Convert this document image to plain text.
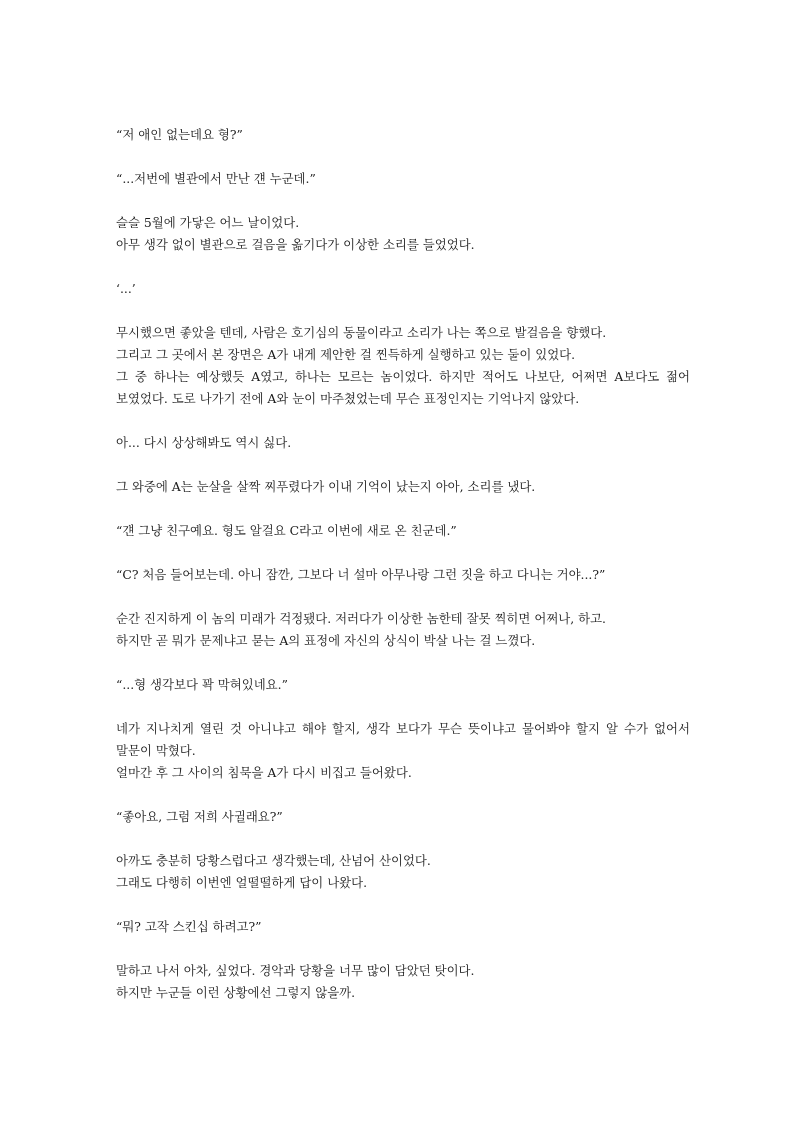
“저 애인 없는데요 형?”

“...저번에 별관에서 만난 걘 누군데.”

슬슬 5월에 가닿은 어느 날이었다.
아무 생각 없이 별관으로 걸음을 옮기다가 이상한 소리를 들었었다.

‘...’

무시했으면 좋았을 텐데, 사람은 호기심의 동물이라고 소리가 나는 쪽으로 발걸음을 향했다.
그리고 그 곳에서 본 장면은 A가 내게 제안한 걸 찐득하게 실행하고 있는 둘이 있었다.
그 중 하나는 예상했듯 A였고, 하나는 모르는 놈이었다. 하지만 적어도 나보단, 어쩌면 A보다도 젊어 보였었다. 도로 나가기 전에 A와 눈이 마주쳤었는데 무슨 표정인지는 기억나지 않았다.

아... 다시 상상해봐도 역시 싫다.

그 와중에 A는 눈살을 살짝 찌푸렸다가 이내 기억이 났는지 아아, 소리를 냈다.

“걘 그냥 친구예요. 형도 알걸요 C라고 이번에 새로 온 친군데.”

“C? 처음 들어보는데. 아니 잠깐, 그보다 너 설마 아무나랑 그런 짓을 하고 다니는 거야...?”

순간 진지하게 이 놈의 미래가 걱정됐다. 저러다가 이상한 놈한테 잘못 찍히면 어쩌나, 하고.
하지만 곧 뭐가 문제냐고 묻는 A의 표정에 자신의 상식이 박살 나는 걸 느꼈다.

“...형 생각보다 꽉 막혀있네요.”

네가 지나치게 열린 것 아니냐고 해야 할지, 생각 보다가 무슨 뜻이냐고 물어봐야 할지 알 수가 없어서 말문이 막혔다.
얼마간 후 그 사이의 침묵을 A가 다시 비집고 들어왔다.

“좋아요, 그럼 저희 사귈래요?”

아까도 충분히 당황스럽다고 생각했는데, 산넘어 산이었다.
그래도 다행히 이번엔 얼떨떨하게 답이 나왔다.

“뭐? 고작 스킨십 하려고?”

말하고 나서 아차, 싶었다. 경악과 당황을 너무 많이 담았던 탓이다.
하지만 누군들 이런 상황에선 그렇지 않을까.
